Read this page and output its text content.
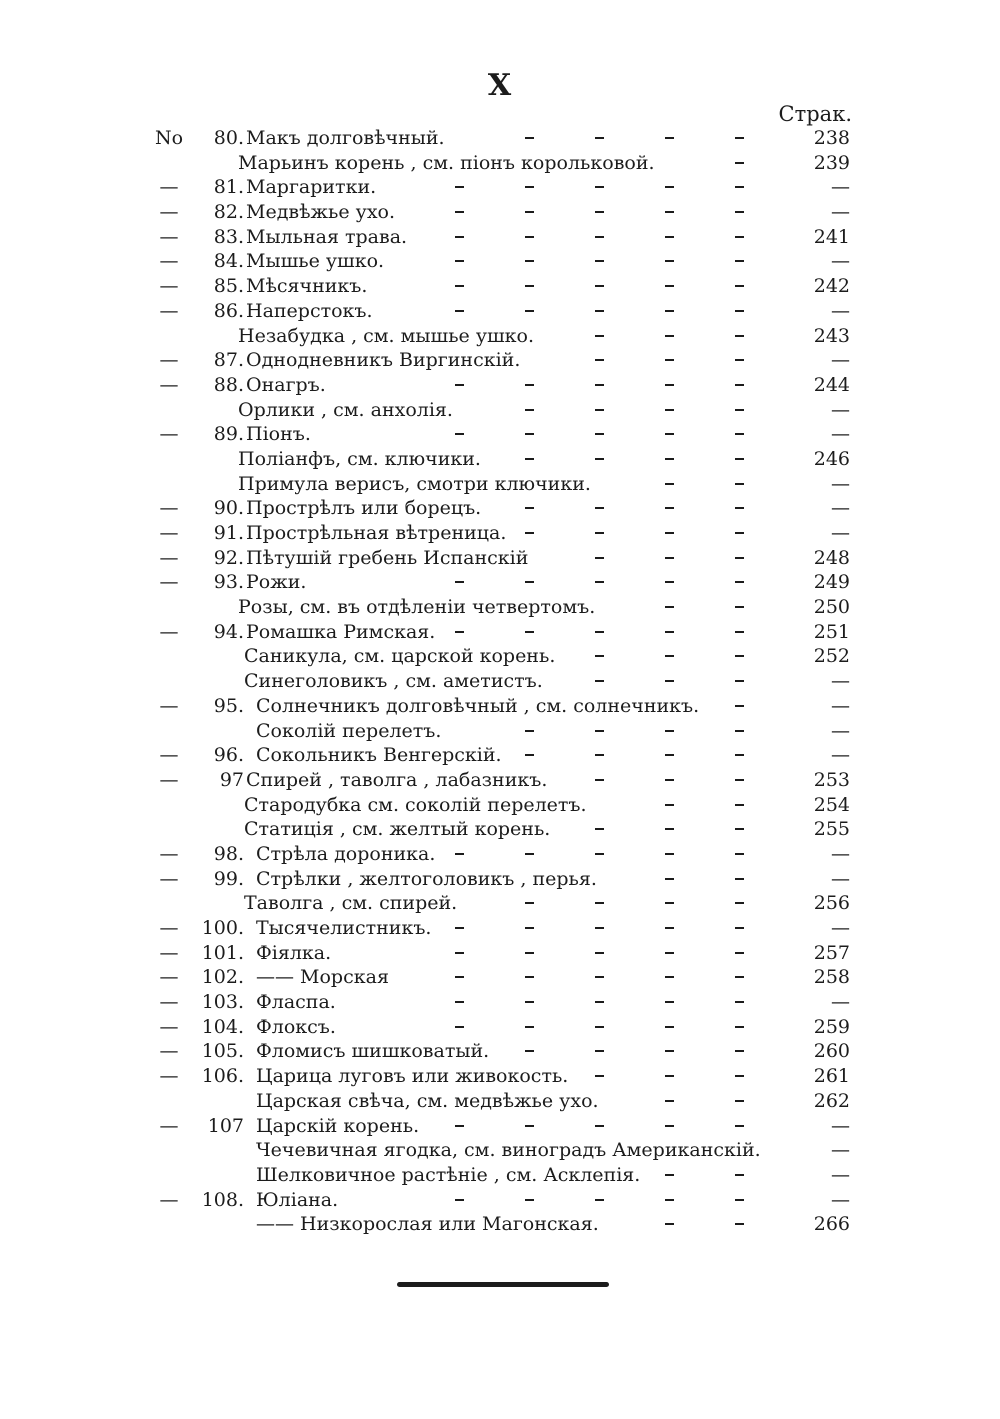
X
Страк.
No	80. Макъ долговѣчный.	238
Марьинъ корень , см. піонъ корольковой.	239
—	81. Маргаритки.	—
—	82. Медвѣжье ухо.	—
—	83. Мыльная трава.	241
—	84. Мышье ушко.	—
—	85. Мѣсячникъ.	242
—	86. Наперстокъ.	—
Незабудка , см. мышье ушко.	243
—	87. Однодневникъ Виргинскій.	—
—	88. Онагръ.	244
Орлики , см. анхолія.	—
—	89. Піонъ.	—
Поліанфъ, см. ключики.	246
Примула верисъ, смотри ключики.	—
—	90. Прострѣлъ или борецъ.	—
—	91. Прострѣльная вѣтреница.	—
—	92. Пѣтушій гребень Испанскій	248
—	93. Рожи.	249
Розы, см. въ отдѣленіи четвертомъ.	250
—	94. Ромашка Римская.	251
Саникула, см. царской корень.	252
Синеголовикъ , см. аметистъ.	—
—	95. Солнечникъ долговѣчный , см. солнечникъ.	—
Соколій перелетъ.	—
—	96. Сокольникъ Венгерскій.	—
—	97 Спирей , таволга , лабазникъ.	253
Стародубка см. соколій перелетъ.	254
Статиція , см. желтый корень.	255
—	98. Стрѣла дороника.	—
—	99. Стрѣлки , желтоголовикъ , перья.	—
Таволга , см. спирей.	256
—	100. Тысячелистникъ.	—
—	101. Фіялка.	257
—	102. —— Морская	258
—	103. Фласпа.	—
—	104. Флоксъ.	259
—	105. Фломисъ шишковатый.	260
—	106. Царица луговъ или живокость.	261
Царская свѣча, см. медвѣжье ухо.	262
—	107 Царскій корень.	—
Чечевичная ягодка, см. виноградъ Американскій.	—
Шелковичное растѣніе , см. Асклепія.	—
—	108. Юліана.	—
—— Низкорослая или Магонская.	266
